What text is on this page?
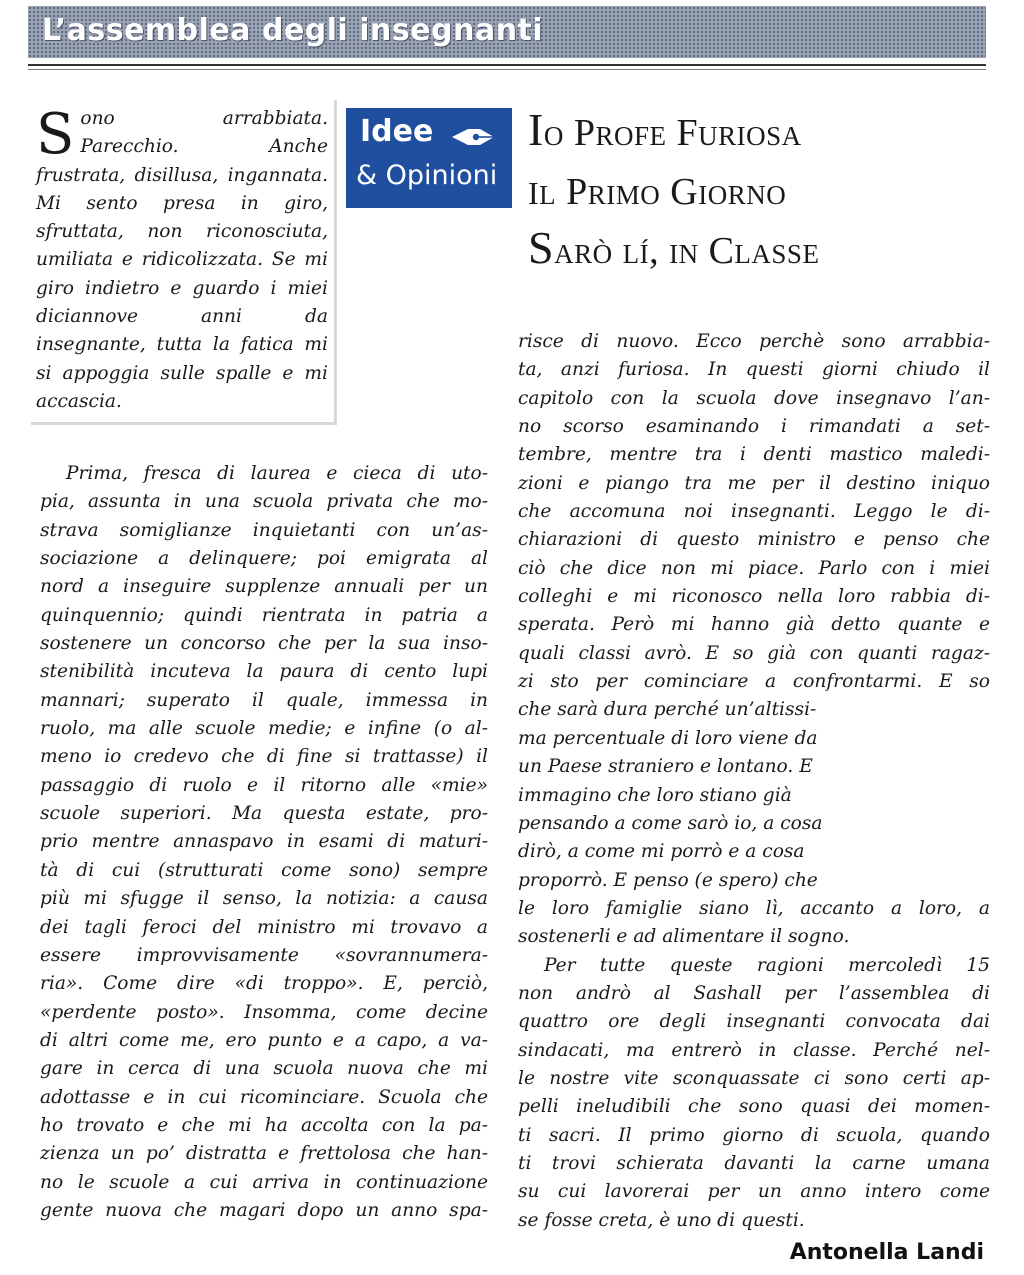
L’assemblea degli insegnanti

Sono arrabbiata. Parecchio. Anche frustrata, disillusa, ingannata. Mi sento presa in giro, sfruttata, non riconosciuta, umiliata e ridicolizzata. Se mi giro indietro e guardo i miei diciannove anni da insegnante, tutta la fatica mi si appoggia sulle spalle e mi accascia.

Idee
& Opinioni
Io Profe Furiosa
il Primo Giorno
Sarò lí, in Classe
Prima, fresca di laurea e cieca di uto-
pia, assunta in una scuola privata che mo-
strava somiglianze inquietanti con un’as-
sociazione a delinquere; poi emigrata al
nord a inseguire supplenze annuali per un
quinquennio; quindi rientrata in patria a
sostenere un concorso che per la sua inso-
stenibilità incuteva la paura di cento lupi
mannari; superato il quale, immessa in
ruolo, ma alle scuole medie; e infine (o al-
meno io credevo che di fine si trattasse) il
passaggio di ruolo e il ritorno alle «mie»
scuole superiori. Ma questa estate, pro-
prio mentre annaspavo in esami di maturi-
tà di cui (strutturati come sono) sempre
più mi sfugge il senso, la notizia: a causa
dei tagli feroci del ministro mi trovavo a
essere improvvisamente «sovrannumera-
ria». Come dire «di troppo». E, perciò,
«perdente posto». Insomma, come decine
di altri come me, ero punto e a capo, a va-
gare in cerca di una scuola nuova che mi
adottasse e in cui ricominciare. Scuola che
ho trovato e che mi ha accolta con la pa-
zienza un po’ distratta e frettolosa che han-
no le scuole a cui arriva in continuazione
gente nuova che magari dopo un anno spa-
risce di nuovo. Ecco perchè sono arrabbia-
ta, anzi furiosa. In questi giorni chiudo il
capitolo con la scuola dove insegnavo l’an-
no scorso esaminando i rimandati a set-
tembre, mentre tra i denti mastico maledi-
zioni e piango tra me per il destino iniquo
che accomuna noi insegnanti. Leggo le di-
chiarazioni di questo ministro e penso che
ciò che dice non mi piace. Parlo con i miei
colleghi e mi riconosco nella loro rabbia di-
sperata. Però mi hanno già detto quante e
quali classi avrò. E so già con quanti ragaz-
zi sto per cominciare a confrontarmi. E so
che sarà dura perché un’altissi-
ma percentuale di loro viene da
un Paese straniero e lontano. E
immagino che loro stiano già
pensando a come sarò io, a cosa
dirò, a come mi porrò e a cosa
proporrò. E penso (e spero) che
le loro famiglie siano lì, accanto a loro, a
sostenerli e ad alimentare il sogno.
Per tutte queste ragioni mercoledì 15
non andrò al Sashall per l’assemblea di
quattro ore degli insegnanti convocata dai
sindacati, ma entrerò in classe. Perché nel-
le nostre vite sconquassate ci sono certi ap-
pelli ineludibili che sono quasi dei momen-
ti sacri. Il primo giorno di scuola, quando
ti trovi schierata davanti la carne umana
su cui lavorerai per un anno intero come
se fosse creta, è uno di questi.
Antonella Landi
